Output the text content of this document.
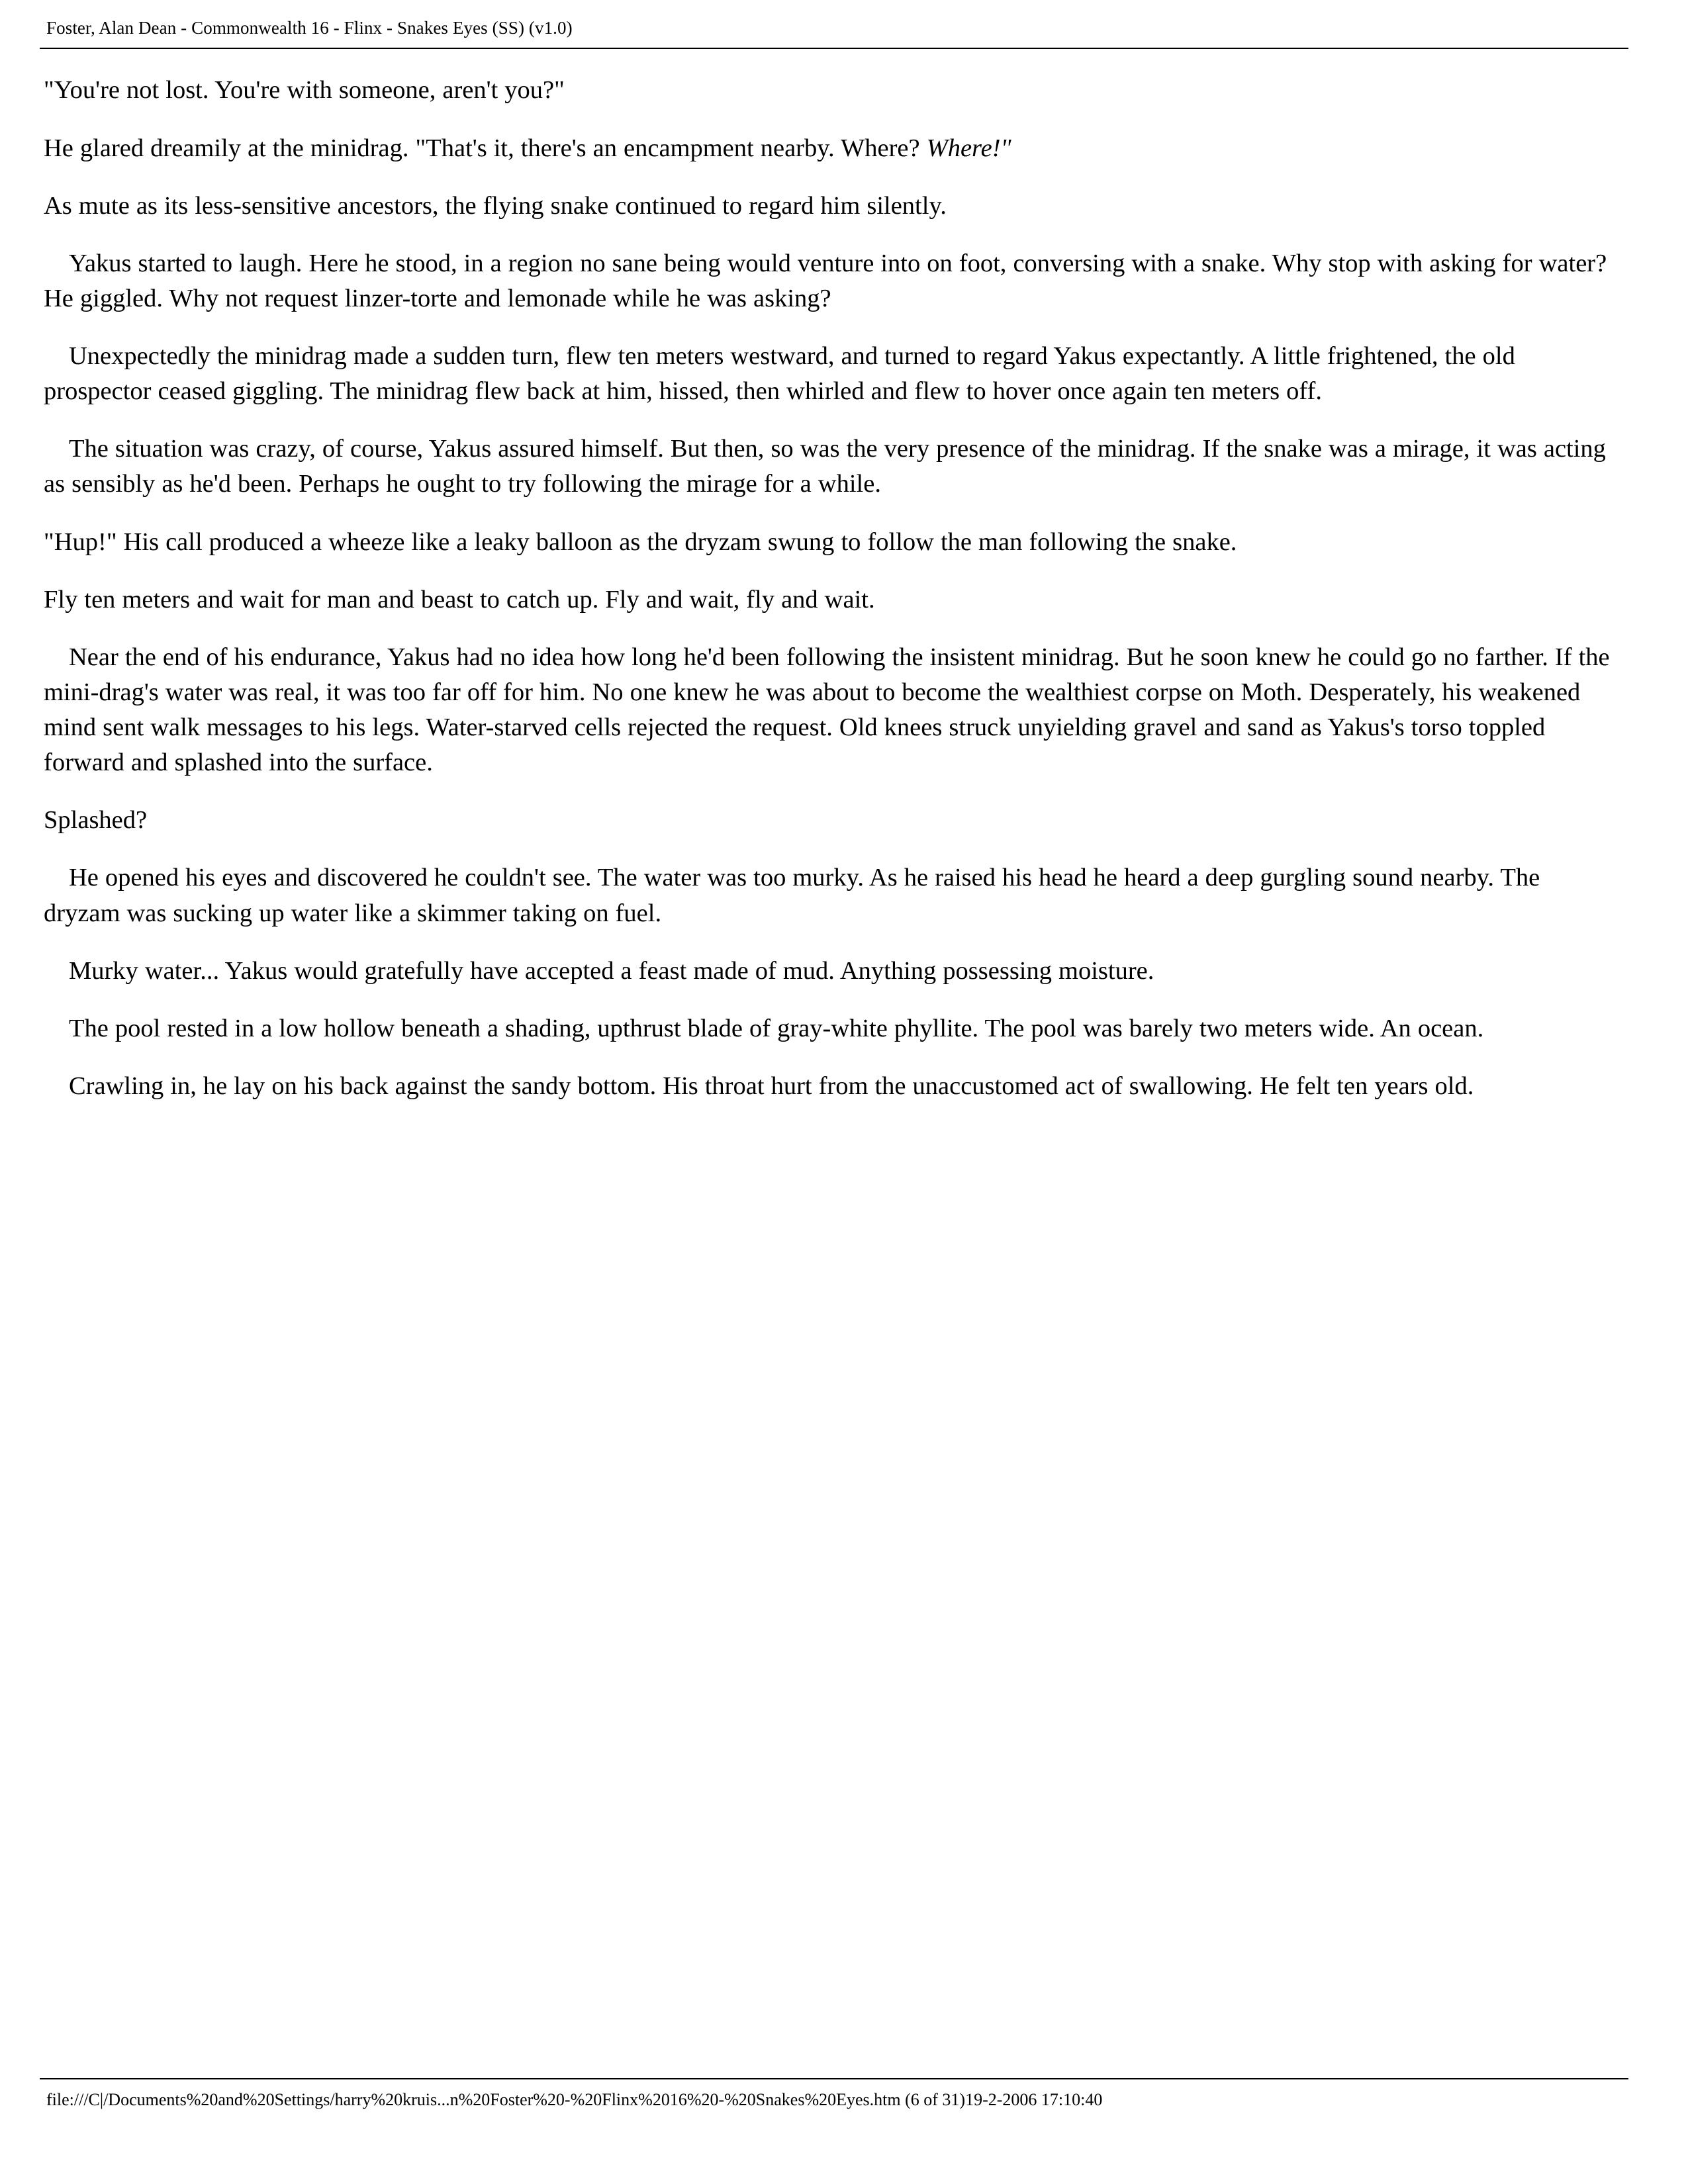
Foster, Alan Dean - Commonwealth 16 - Flinx - Snakes Eyes (SS) (v1.0)

"You're not lost. You're with someone, aren't you?"

He glared dreamily at the minidrag. "That's it, there's an encampment nearby. Where? Where!"

As mute as its less-sensitive ancestors, the flying snake continued to regard him silently.

Yakus started to laugh. Here he stood, in a region no sane being would venture into on foot, conversing with a snake. Why stop with asking for water? He giggled. Why not request linzer-torte and lemonade while he was asking?

Unexpectedly the minidrag made a sudden turn, flew ten meters westward, and turned to regard Yakus expectantly. A little frightened, the old prospector ceased giggling. The minidrag flew back at him, hissed, then whirled and flew to hover once again ten meters off.

The situation was crazy, of course, Yakus assured himself. But then, so was the very presence of the minidrag. If the snake was a mirage, it was acting as sensibly as he'd been. Perhaps he ought to try following the mirage for a while.

"Hup!" His call produced a wheeze like a leaky balloon as the dryzam swung to follow the man following the snake.

Fly ten meters and wait for man and beast to catch up. Fly and wait, fly and wait.

Near the end of his endurance, Yakus had no idea how long he'd been following the insistent minidrag. But he soon knew he could go no farther. If the mini-drag's water was real, it was too far off for him. No one knew he was about to become the wealthiest corpse on Moth. Desperately, his weakened mind sent walk messages to his legs. Water-starved cells rejected the request. Old knees struck unyielding gravel and sand as Yakus's torso toppled forward and splashed into the surface.

Splashed?

He opened his eyes and discovered he couldn't see. The water was too murky. As he raised his head he heard a deep gurgling sound nearby. The dryzam was sucking up water like a skimmer taking on fuel.

Murky water... Yakus would gratefully have accepted a feast made of mud. Anything possessing moisture.

The pool rested in a low hollow beneath a shading, upthrust blade of gray-white phyllite. The pool was barely two meters wide. An ocean.

Crawling in, he lay on his back against the sandy bottom. His throat hurt from the unaccustomed act of swallowing. He felt ten years old.

file:///C|/Documents%20and%20Settings/harry%20kruis...n%20Foster%20-%20Flinx%2016%20-%20Snakes%20Eyes.htm (6 of 31)19-2-2006 17:10:40
